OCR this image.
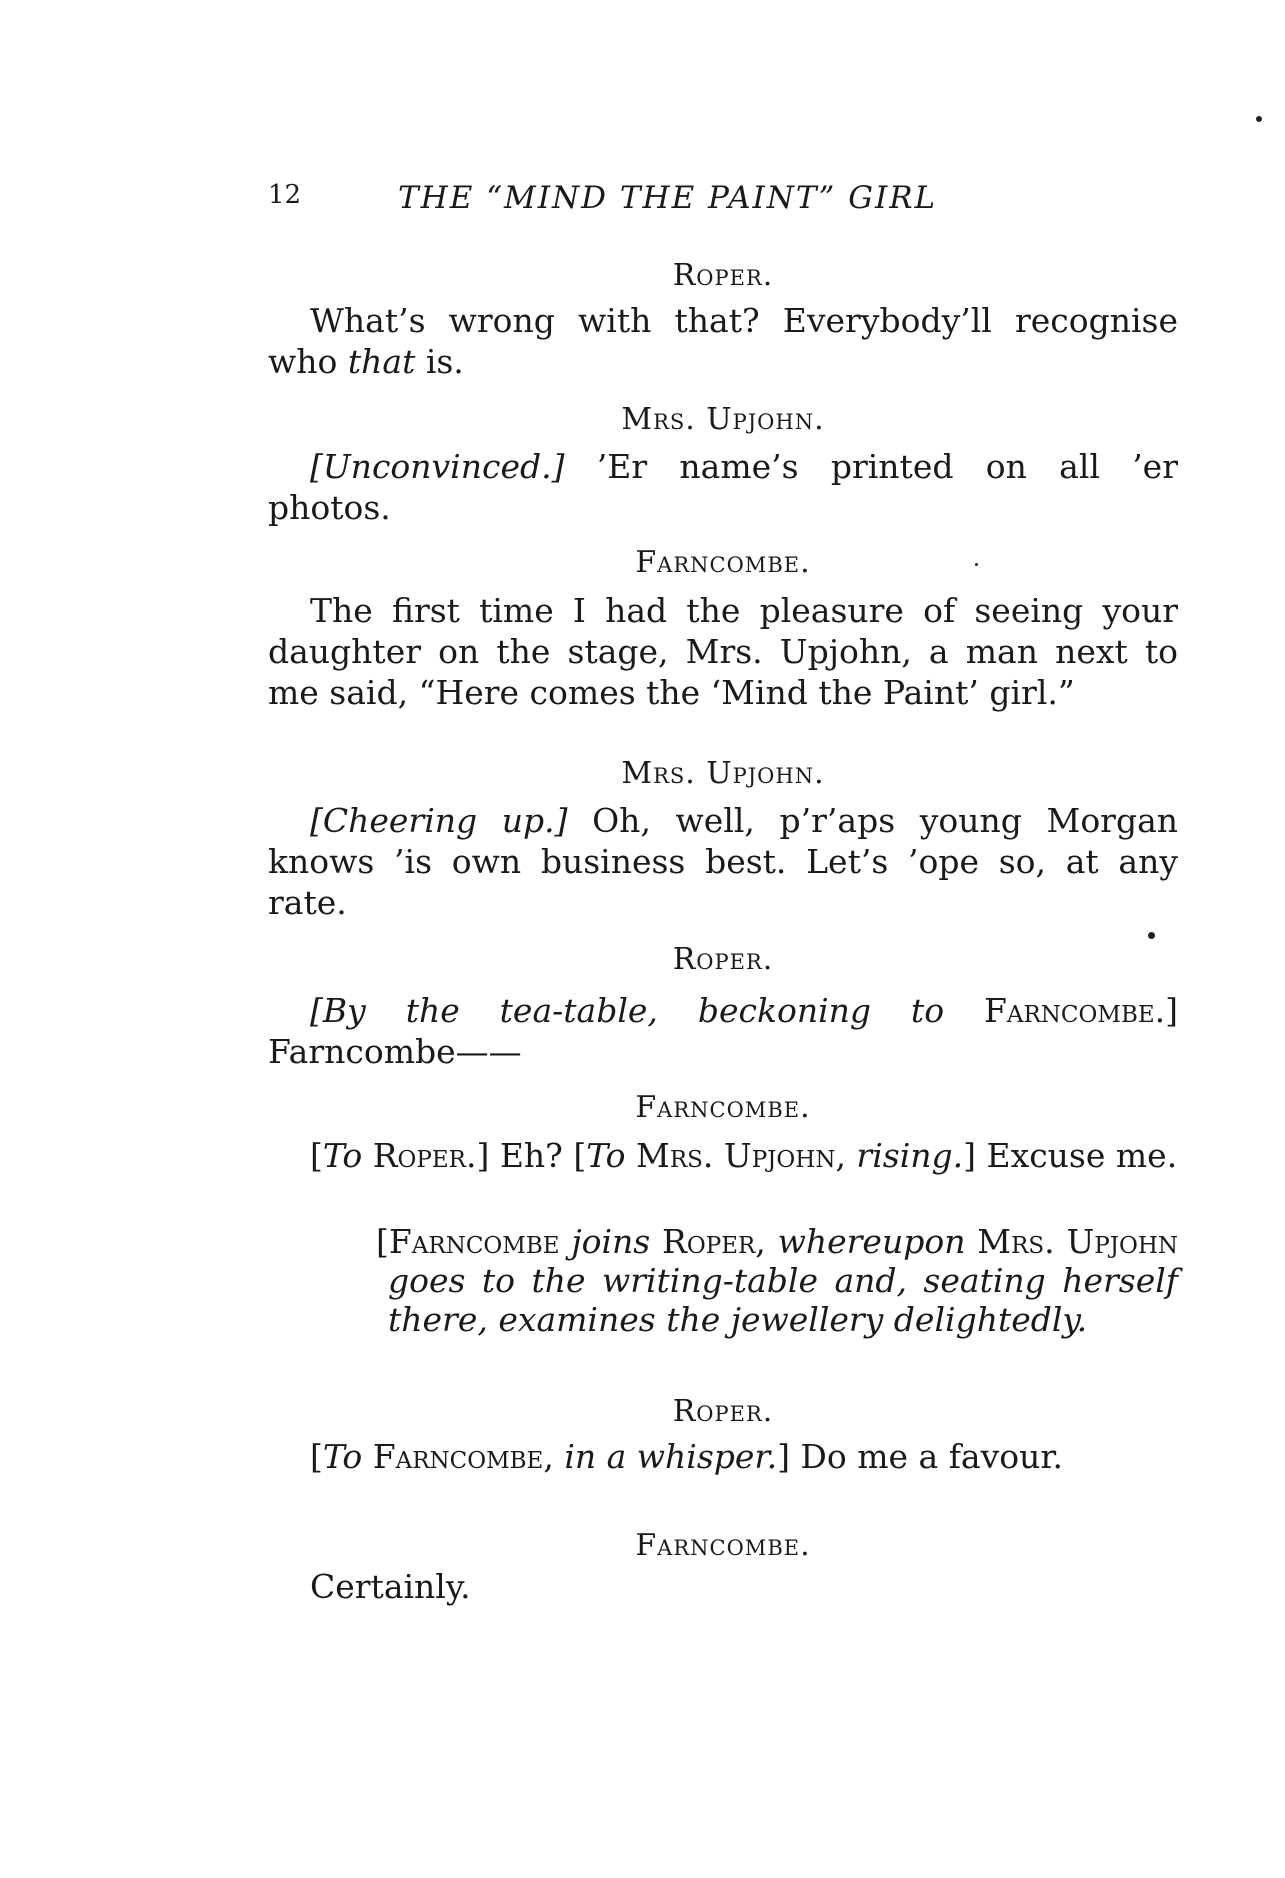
12	THE “MIND THE PAINT” GIRL
Roper.
What’s wrong with that? Everybody’ll recognise who that is.
Mrs. Upjohn.
[Unconvinced.] ’Er name’s printed on all ’er photos.
Farncombe.
The first time I had the pleasure of seeing your daughter on the stage, Mrs. Upjohn, a man next to me said, “Here comes the ‘Mind the Paint’ girl.”
Mrs. Upjohn.
[Cheering up.] Oh, well, p’r’aps young Morgan knows ’is own business best. Let’s ’ope so, at any rate.
Roper.
[By the tea-table, beckoning to Farncombe.] Farncombe——
Farncombe.
[To Roper.] Eh? [To Mrs. Upjohn, rising.] Excuse me.
[Farncombe joins Roper, whereupon Mrs. Upjohn goes to the writing-table and, seating herself there, examines the jewellery delightedly.
Roper.
[To Farncombe, in a whisper.] Do me a favour.
Farncombe.
Certainly.
